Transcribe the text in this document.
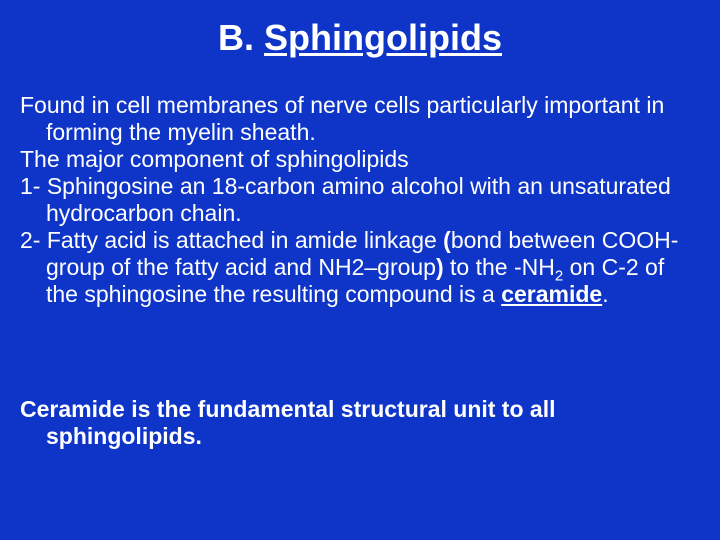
B. Sphingolipids

Found in cell membranes of nerve cells particularly important in forming the myelin sheath.

The major component of sphingolipids

1- Sphingosine an 18-carbon amino alcohol with an unsaturated hydrocarbon chain.

2- Fatty acid is attached in amide linkage (bond between COOH-group of the fatty acid and NH2–group) to the $-NH_2$ on C-2 of the sphingosine the resulting compound is a ceramide.

Ceramide is the fundamental structural unit to all sphingolipids.
